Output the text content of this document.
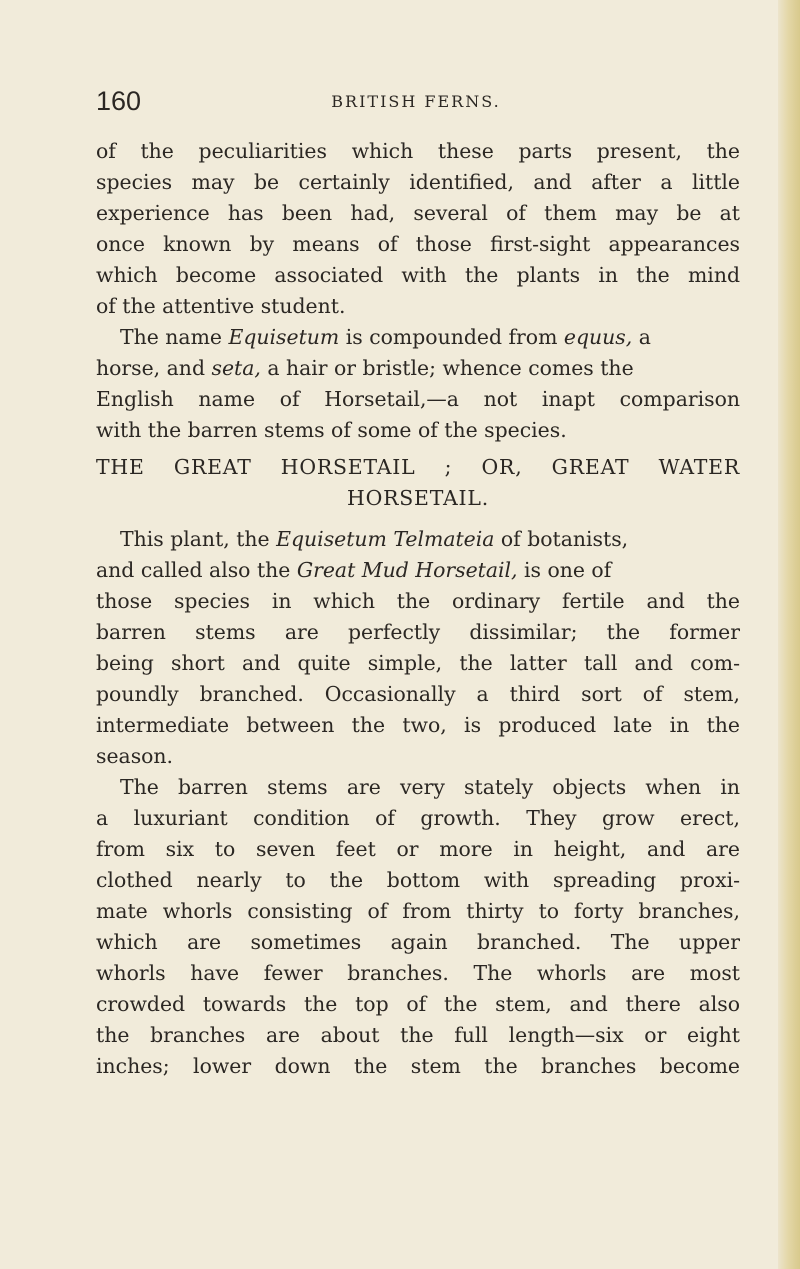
160	BRITISH FERNS.
of the peculiarities which these parts present, the
species may be certainly identified, and after a little
experience has been had, several of them may be at
once known by means of those first-sight appearances
which become associated with the plants in the mind
of the attentive student.
The name Equisetum is compounded from equus, a
horse, and seta, a hair or bristle; whence comes the
English name of Horsetail,—a not inapt comparison
with the barren stems of some of the species.
THE GREAT HORSETAIL ; OR, GREAT WATER
HORSETAIL.
This plant, the Equisetum Telmateia of botanists,
and called also the Great Mud Horsetail, is one of
those species in which the ordinary fertile and the
barren stems are perfectly dissimilar; the former
being short and quite simple, the latter tall and com-
poundly branched. Occasionally a third sort of stem,
intermediate between the two, is produced late in the
season.
The barren stems are very stately objects when in
a luxuriant condition of growth. They grow erect,
from six to seven feet or more in height, and are
clothed nearly to the bottom with spreading proxi-
mate whorls consisting of from thirty to forty branches,
which are sometimes again branched. The upper
whorls have fewer branches. The whorls are most
crowded towards the top of the stem, and there also
the branches are about the full length—six or eight
inches; lower down the stem the branches become
